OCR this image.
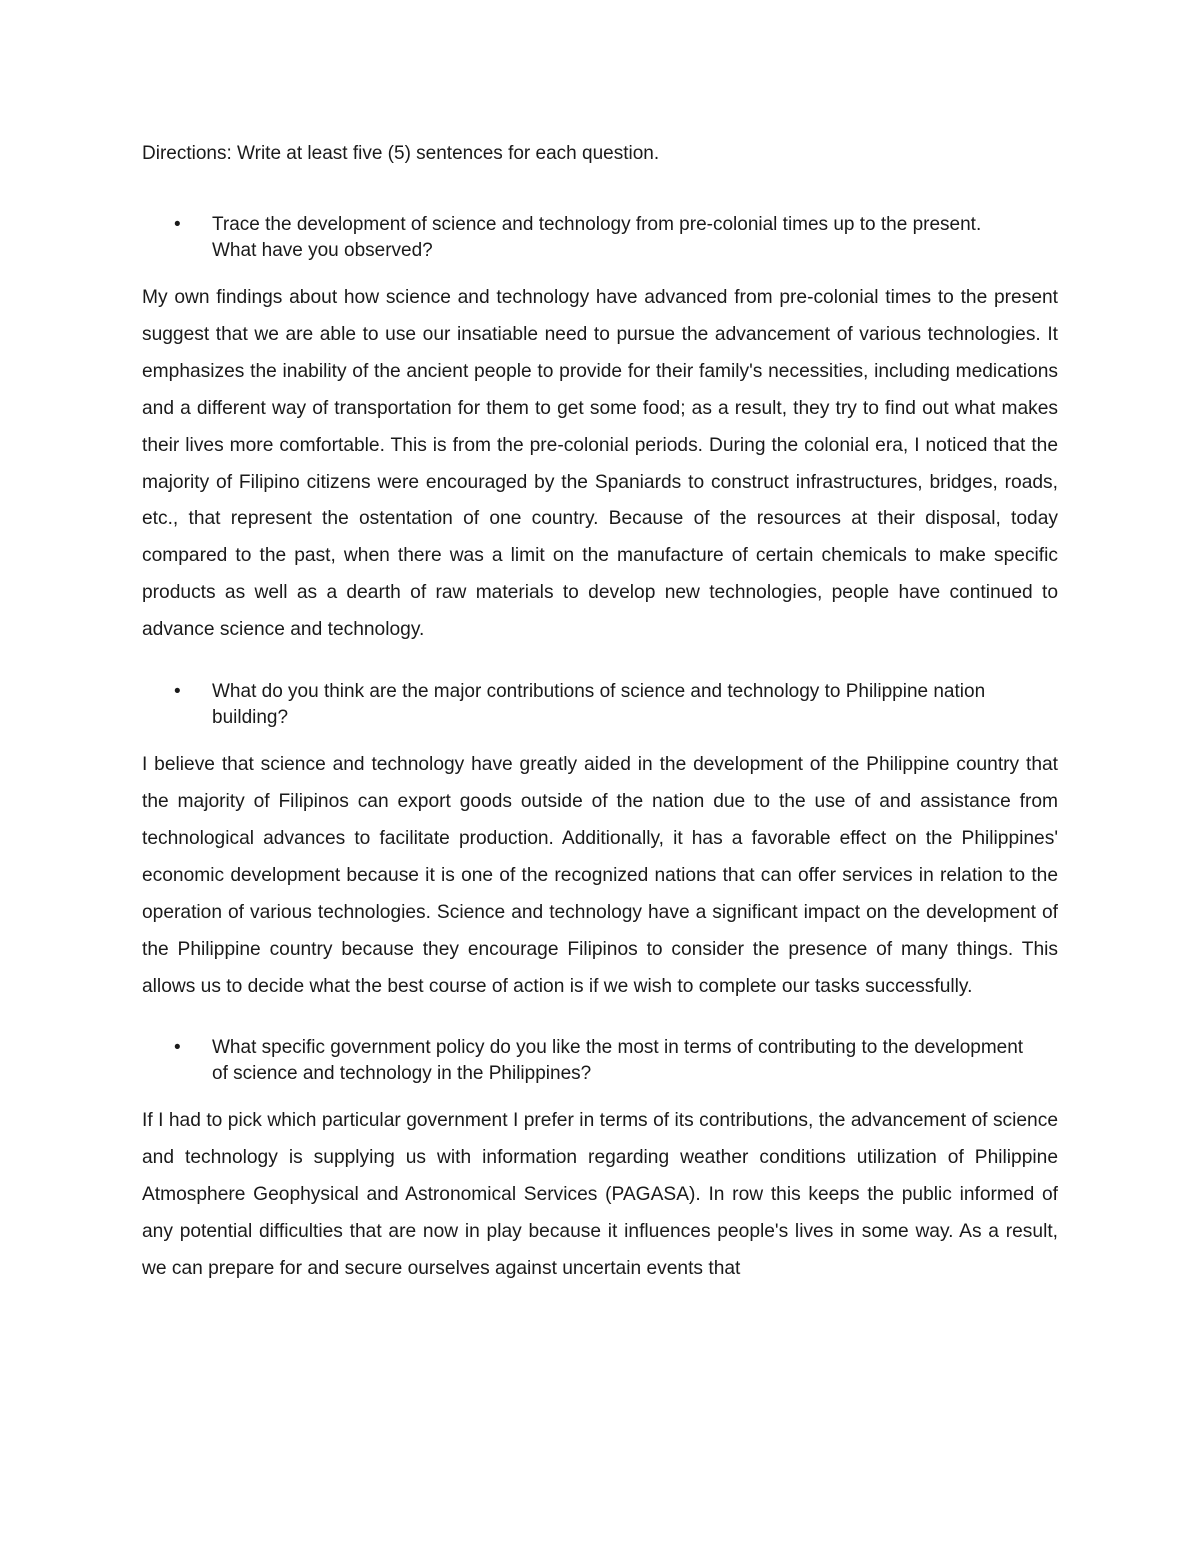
Directions: Write at least five (5) sentences for each question.

• Trace the development of science and technology from pre-colonial times up to the present. What have you observed?

My own findings about how science and technology have advanced from pre-colonial times to the present suggest that we are able to use our insatiable need to pursue the advancement of various technologies. It emphasizes the inability of the ancient people to provide for their family's necessities, including medications and a different way of transportation for them to get some food; as a result, they try to find out what makes their lives more comfortable. This is from the pre-colonial periods. During the colonial era, I noticed that the majority of Filipino citizens were encouraged by the Spaniards to construct infrastructures, bridges, roads, etc., that represent the ostentation of one country. Because of the resources at their disposal, today compared to the past, when there was a limit on the manufacture of certain chemicals to make specific products as well as a dearth of raw materials to develop new technologies, people have continued to advance science and technology.

• What do you think are the major contributions of science and technology to Philippine nation building?

I believe that science and technology have greatly aided in the development of the Philippine country that the majority of Filipinos can export goods outside of the nation due to the use of and assistance from technological advances to facilitate production. Additionally, it has a favorable effect on the Philippines' economic development because it is one of the recognized nations that can offer services in relation to the operation of various technologies. Science and technology have a significant impact on the development of the Philippine country because they encourage Filipinos to consider the presence of many things. This allows us to decide what the best course of action is if we wish to complete our tasks successfully.

• What specific government policy do you like the most in terms of contributing to the development of science and technology in the Philippines?

If I had to pick which particular government I prefer in terms of its contributions, the advancement of science and technology is supplying us with information regarding weather conditions utilization of Philippine Atmosphere Geophysical and Astronomical Services (PAGASA). In row this keeps the public informed of any potential difficulties that are now in play because it influences people's lives in some way. As a result, we can prepare for and secure ourselves against uncertain events that
